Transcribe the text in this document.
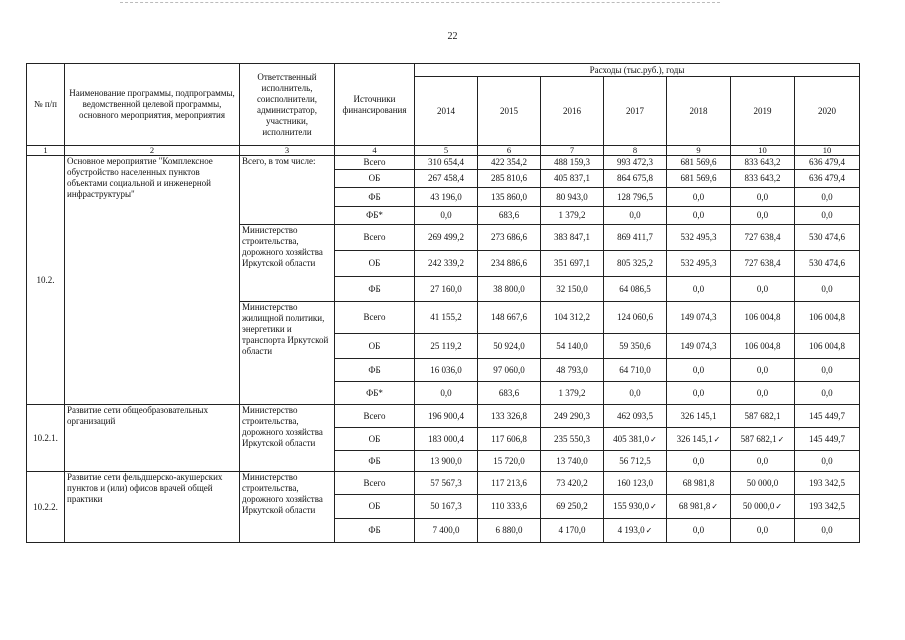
22
№ п/п	Наименование программы, подпрограммы, ведомственной целевой программы, основного мероприятия, мероприятия	Ответственный исполнитель, соисполнители, администратор, участники, исполнители	Источники финансирования	Расходы (тыс.руб.), годы						
				2014	2015	2016	2017	2018	2019	2020
1	2	3	4	5	6	7	8	9	10	10
10.2.	Основное мероприятие "Комплексное обустройство населенных пунктов объектами социальной и инженерной инфраструктуры"	Всего, в том числе:	Всего	310 654,4	422 354,2	488 159,3	993 472,3	681 569,6	833 643,2	636 479,4
			ОБ	267 458,4	285 810,6	405 837,1	864 675,8	681 569,6	833 643,2	636 479,4
			ФБ	43 196,0	135 860,0	80 943,0	128 796,5	0,0	0,0	0,0
			ФБ*	0,0	683,6	1 379,2	0,0	0,0	0,0	0,0
		Министерство строительства, дорожного хозяйства Иркутской области	Всего	269 499,2	273 686,6	383 847,1	869 411,7	532 495,3	727 638,4	530 474,6
			ОБ	242 339,2	234 886,6	351 697,1	805 325,2	532 495,3	727 638,4	530 474,6
			ФБ	27 160,0	38 800,0	32 150,0	64 086,5	0,0	0,0	0,0
		Министерство жилищной политики, энергетики и транспорта Иркутской области	Всего	41 155,2	148 667,6	104 312,2	124 060,6	149 074,3	106 004,8	106 004,8
			ОБ	25 119,2	50 924,0	54 140,0	59 350,6	149 074,3	106 004,8	106 004,8
			ФБ	16 036,0	97 060,0	48 793,0	64 710,0	0,0	0,0	0,0
			ФБ*	0,0	683,6	1 379,2	0,0	0,0	0,0	0,0
10.2.1.	Развитие сети общеобразовательных организаций	Министерство строительства, дорожного хозяйства Иркутской области	Всего	196 900,4	133 326,8	249 290,3	462 093,5	326 145,1	587 682,1	145 449,7
			ОБ	183 000,4	117 606,8	235 550,3	405 381,0✓	326 145,1✓	587 682,1✓	145 449,7
			ФБ	13 900,0	15 720,0	13 740,0	56 712,5	0,0	0,0	0,0
10.2.2.	Развитие сети фельдшерско-акушерских пунктов и (или) офисов врачей общей практики	Министерство строительства, дорожного хозяйства Иркутской области	Всего	57 567,3	117 213,6	73 420,2	160 123,0	68 981,8	50 000,0	193 342,5
			ОБ	50 167,3	110 333,6	69 250,2	155 930,0✓	68 981,8✓	50 000,0✓	193 342,5
			ФБ	7 400,0	6 880,0	4 170,0	4 193,0✓	0,0	0,0	0,0
